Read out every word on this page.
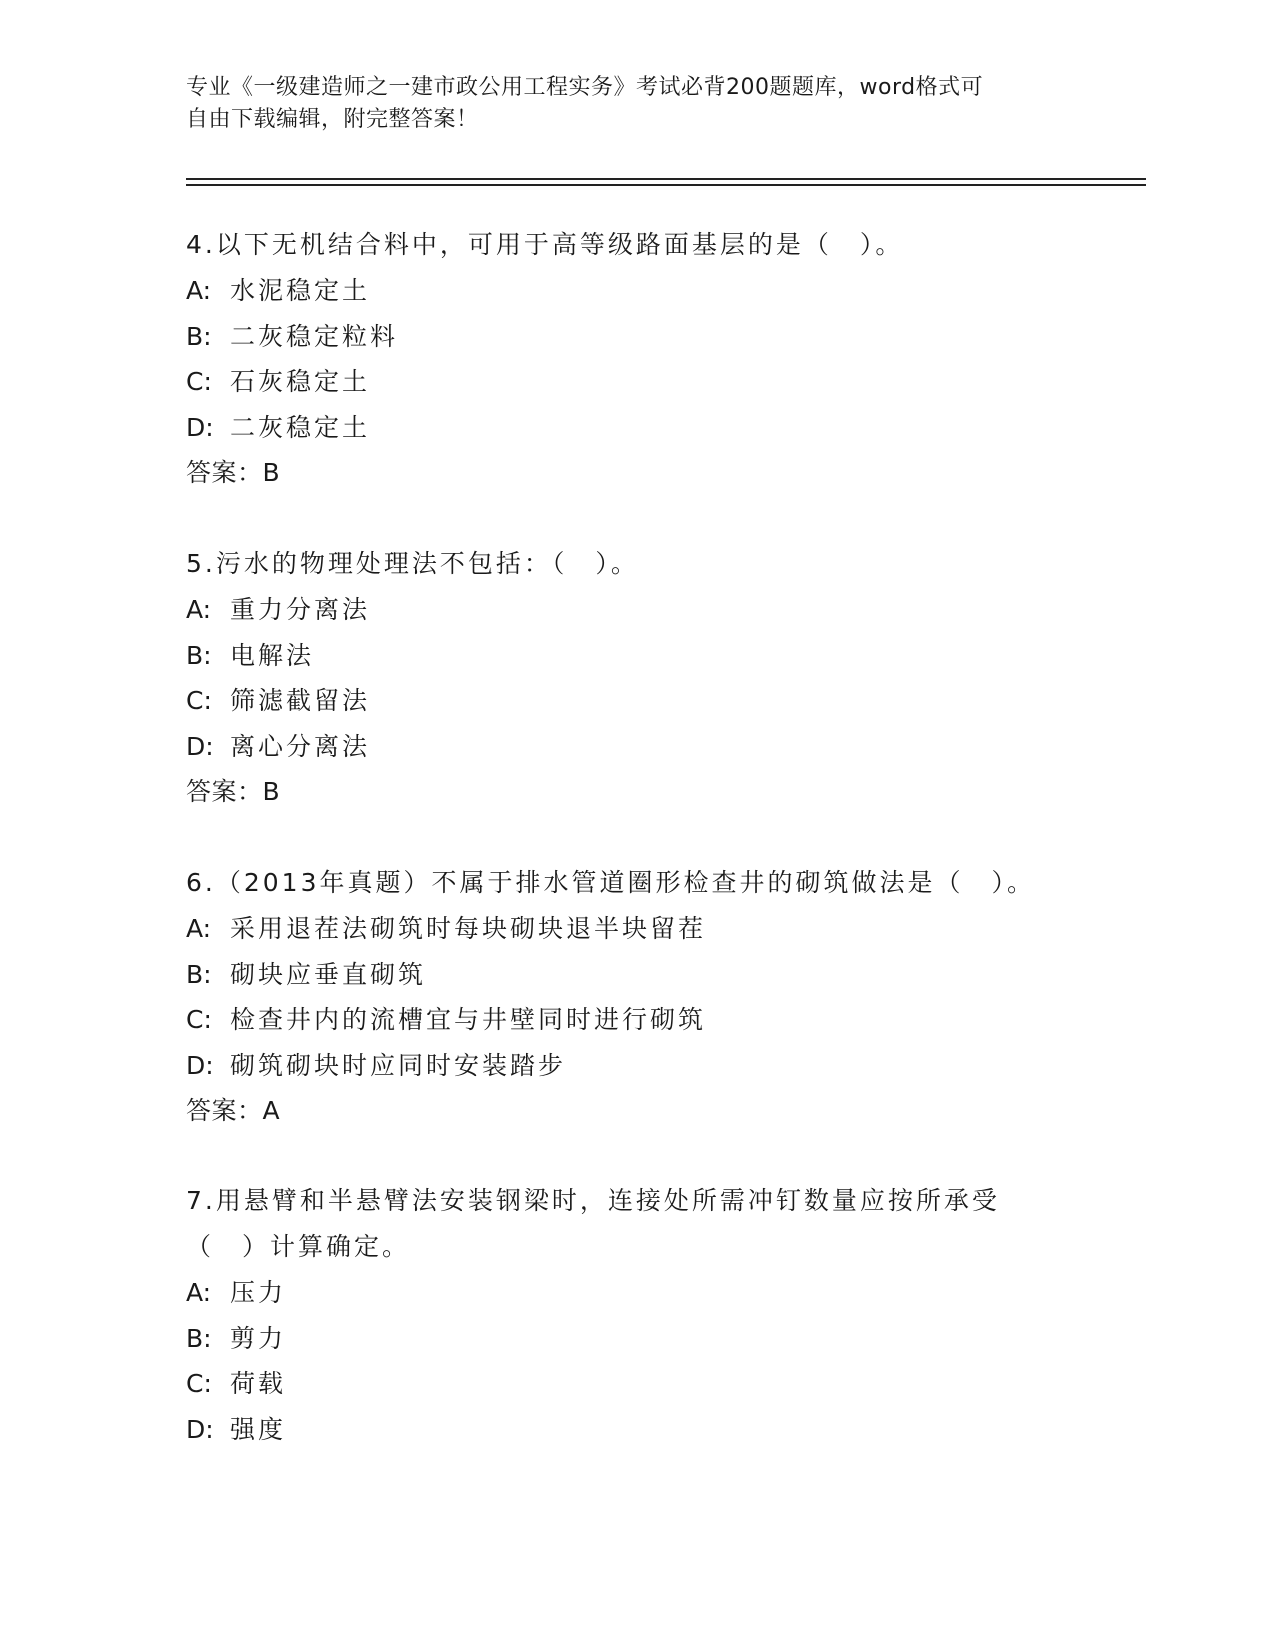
专业《一级建造师之一建市政公用工程实务》考试必背200题题库，word格式可
自由下载编辑，附完整答案！
4.以下无机结合料中，可用于高等级路面基层的是（　）。
A: 水泥稳定土
B: 二灰稳定粒料
C: 石灰稳定土
D: 二灰稳定土
答案：B
5.污水的物理处理法不包括：（　）。
A: 重力分离法
B: 电解法
C: 筛滤截留法
D: 离心分离法
答案：B
6.（2013年真题）不属于排水管道圈形检查井的砌筑做法是（　）。
A: 采用退茬法砌筑时每块砌块退半块留茬
B: 砌块应垂直砌筑
C: 检查井内的流槽宜与井壁同时进行砌筑
D: 砌筑砌块时应同时安装踏步
答案：A
7.用悬臂和半悬臂法安装钢梁时，连接处所需冲钉数量应按所承受（　）计算确定。
A: 压力
B: 剪力
C: 荷载
D: 强度
